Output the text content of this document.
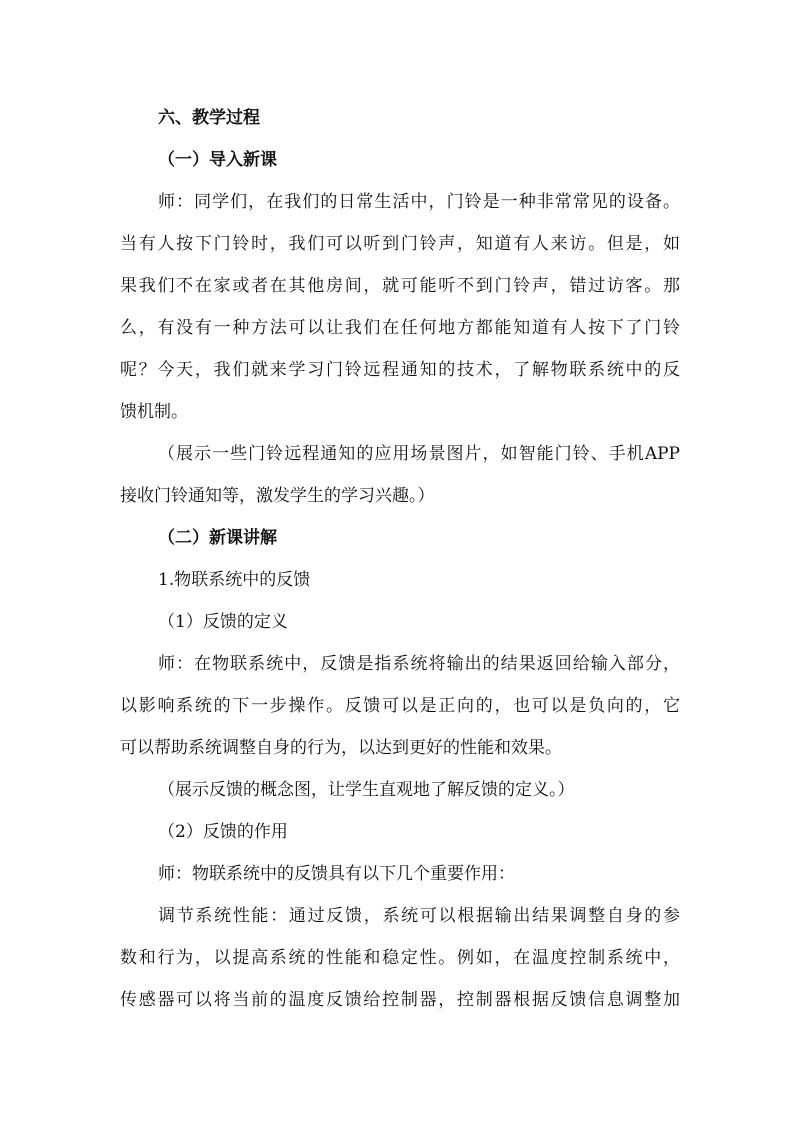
六、教学过程
（一）导入新课
师：同学们，在我们的日常生活中，门铃是一种非常常见的设备。
当有人按下门铃时，我们可以听到门铃声，知道有人来访。但是，如
果我们不在家或者在其他房间，就可能听不到门铃声，错过访客。那
么，有没有一种方法可以让我们在任何地方都能知道有人按下了门铃
呢？今天，我们就来学习门铃远程通知的技术，了解物联系统中的反
馈机制。
（展示一些门铃远程通知的应用场景图片，如智能门铃、手机APP
接收门铃通知等，激发学生的学习兴趣。）
（二）新课讲解
1.物联系统中的反馈
（1）反馈的定义
师：在物联系统中，反馈是指系统将输出的结果返回给输入部分，
以影响系统的下一步操作。反馈可以是正向的，也可以是负向的，它
可以帮助系统调整自身的行为，以达到更好的性能和效果。
（展示反馈的概念图，让学生直观地了解反馈的定义。）
（2）反馈的作用
师：物联系统中的反馈具有以下几个重要作用：
调节系统性能：通过反馈，系统可以根据输出结果调整自身的参
数和行为，以提高系统的性能和稳定性。例如，在温度控制系统中，
传感器可以将当前的温度反馈给控制器，控制器根据反馈信息调整加
